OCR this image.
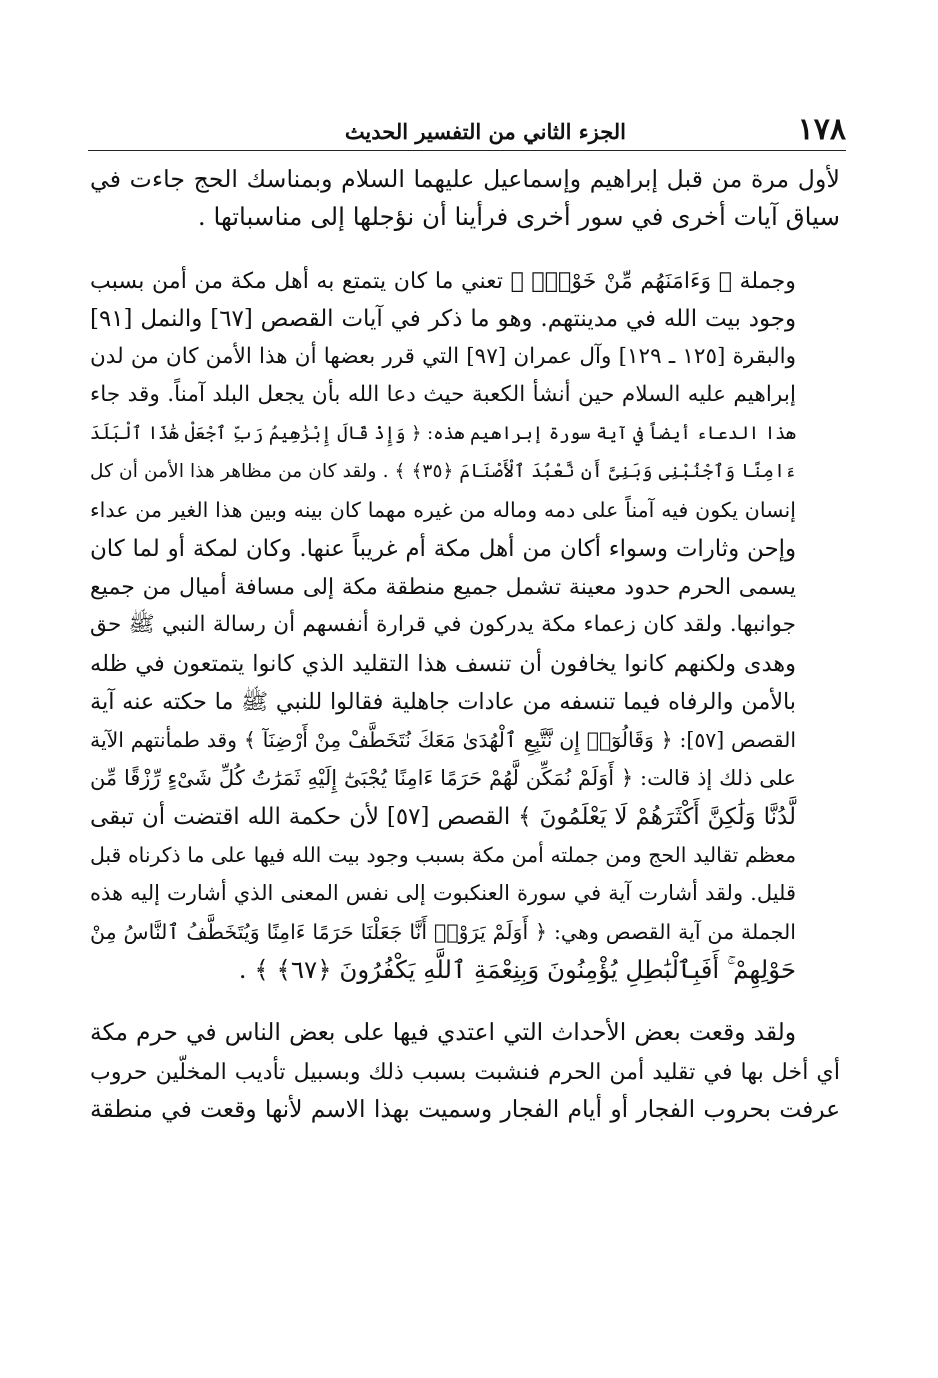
١٧٨
الجزء الثاني من التفسير الحديث
لأول مرة من قبل إبراهيم وإسماعيل عليهما السلام وبمناسك الحج جاءت في
سياق آيات أخرى في سور أخرى فرأينا أن نؤجلها إلى مناسباتها .
وجملة ﴿ وَءَامَنَهُم مِّنْ خَوْفٍۭ ﴾ تعني ما كان يتمتع به أهل مكة من أمن بسبب
وجود بيت الله في مدينتهم. وهو ما ذكر في آيات القصص [٦٧] والنمل [٩١]
والبقرة [١٢٥ ـ ١٢٩] وآل عمران [٩٧] التي قرر بعضها أن هذا الأمن كان من لدن
إبراهيم عليه السلام حين أنشأ الكعبة حيث دعا الله بأن يجعل البلد آمناً. وقد جاء
هذا الدعاء أيضاً في آية سورة إبراهيم هذه: ﴿ وَإِذْ قَالَ إِبْرَٰهِيمُ رَبِّ ٱجْعَلْ هَٰذَا ٱلْبَلَدَ
ءَامِنًا وَٱجْنُبْنِى وَبَنِىَّ أَن نَّعْبُدَ ٱلْأَصْنَامَ ﴿٣٥﴾ ﴾ . ولقد كان من مظاهر هذا الأمن أن كل
إنسان يكون فيه آمناً على دمه وماله من غيره مهما كان بينه وبين هذا الغير من عداء
وإحن وثارات وسواء أكان من أهل مكة أم غريباً عنها. وكان لمكة أو لما كان
يسمى الحرم حدود معينة تشمل جميع منطقة مكة إلى مسافة أميال من جميع
جوانبها. ولقد كان زعماء مكة يدركون في قرارة أنفسهم أن رسالة النبي ﷺ حق
وهدى ولكنهم كانوا يخافون أن تنسف هذا التقليد الذي كانوا يتمتعون في ظله
بالأمن والرفاه فيما تنسفه من عادات جاهلية فقالوا للنبي ﷺ ما حكته عنه آية
القصص [٥٧]: ﴿ وَقَالُوٓا۟ إِن نَّتَّبِعِ ٱلْهُدَىٰ مَعَكَ نُتَخَطَّفْ مِنْ أَرْضِنَآ ﴾ وقد طمأنتهم الآية
على ذلك إذ قالت: ﴿ أَوَلَمْ نُمَكِّن لَّهُمْ حَرَمًا ءَامِنًا يُجْبَىٰٓ إِلَيْهِ ثَمَرَٰتُ كُلِّ شَىْءٍ رِّزْقًا مِّن
لَّدُنَّا وَلَٰكِنَّ أَكْثَرَهُمْ لَا يَعْلَمُونَ ﴾ القصص [٥٧] لأن حكمة الله اقتضت أن تبقى
معظم تقاليد الحج ومن جملته أمن مكة بسبب وجود بيت الله فيها على ما ذكرناه قبل
قليل. ولقد أشارت آية في سورة العنكبوت إلى نفس المعنى الذي أشارت إليه هذه
الجملة من آية القصص وهي: ﴿ أَوَلَمْ يَرَوْا۟ أَنَّا جَعَلْنَا حَرَمًا ءَامِنًا وَيُتَخَطَّفُ ٱلنَّاسُ مِنْ
حَوْلِهِمْ ۚ أَفَبِٱلْبَٰطِلِ يُؤْمِنُونَ وَبِنِعْمَةِ ٱللَّهِ يَكْفُرُونَ ﴿٦٧﴾ ﴾ .
ولقد وقعت بعض الأحداث التي اعتدي فيها على بعض الناس في حرم مكة
أي أخل بها في تقليد أمن الحرم فنشبت بسبب ذلك وبسبيل تأديب المخلّين حروب
عرفت بحروب الفجار أو أيام الفجار وسميت بهذا الاسم لأنها وقعت في منطقة
